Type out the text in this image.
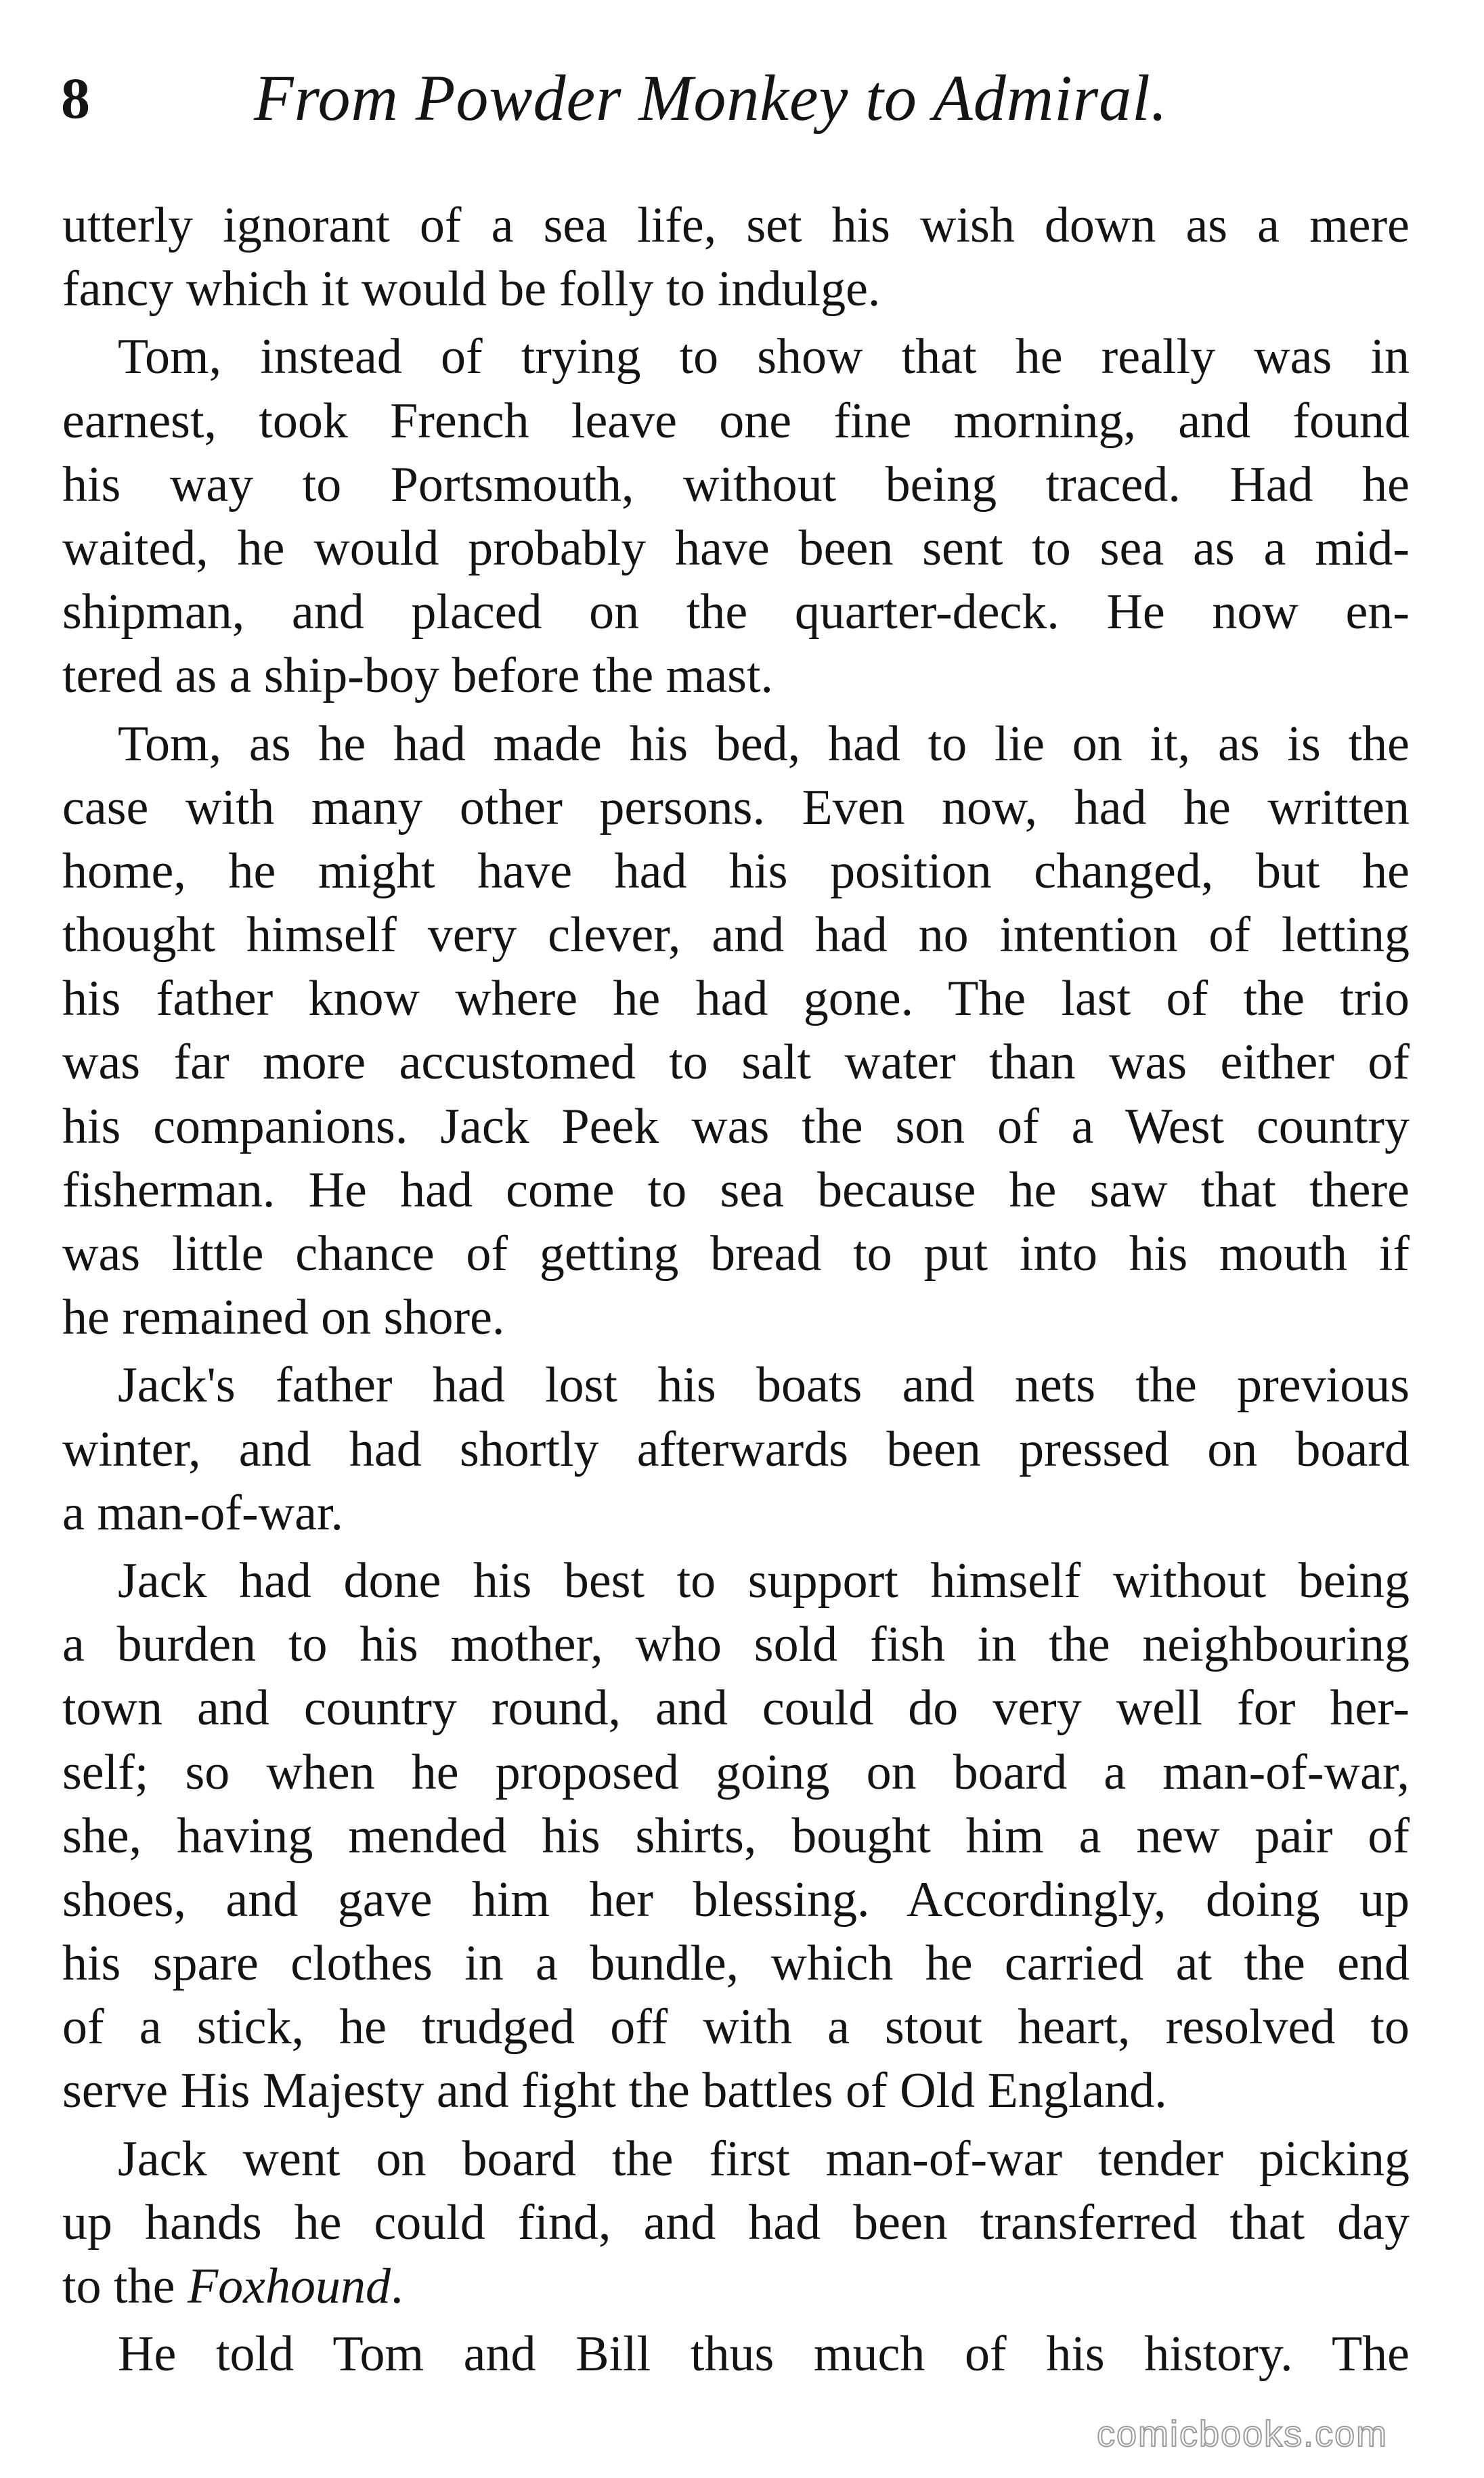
8	From Powder Monkey to Admiral.
utterly ignorant of a sea life, set his wish down as a mere
fancy which it would be folly to indulge.
Tom, instead of trying to show that he really was in
earnest, took French leave one fine morning, and found
his way to Portsmouth, without being traced. Had he
waited, he would probably have been sent to sea as a mid-
shipman, and placed on the quarter-deck. He now en-
tered as a ship-boy before the mast.
Tom, as he had made his bed, had to lie on it, as is the
case with many other persons. Even now, had he written
home, he might have had his position changed, but he
thought himself very clever, and had no intention of letting
his father know where he had gone. The last of the trio
was far more accustomed to salt water than was either of
his companions. Jack Peek was the son of a West country
fisherman. He had come to sea because he saw that there
was little chance of getting bread to put into his mouth if
he remained on shore.
Jack's father had lost his boats and nets the previous
winter, and had shortly afterwards been pressed on board
a man-of-war.
Jack had done his best to support himself without being
a burden to his mother, who sold fish in the neighbouring
town and country round, and could do very well for her-
self; so when he proposed going on board a man-of-war,
she, having mended his shirts, bought him a new pair of
shoes, and gave him her blessing. Accordingly, doing up
his spare clothes in a bundle, which he carried at the end
of a stick, he trudged off with a stout heart, resolved to
serve His Majesty and fight the battles of Old England.
Jack went on board the first man-of-war tender picking
up hands he could find, and had been transferred that day
to the Foxhound.
He told Tom and Bill thus much of his history. The
comicbooks.com
